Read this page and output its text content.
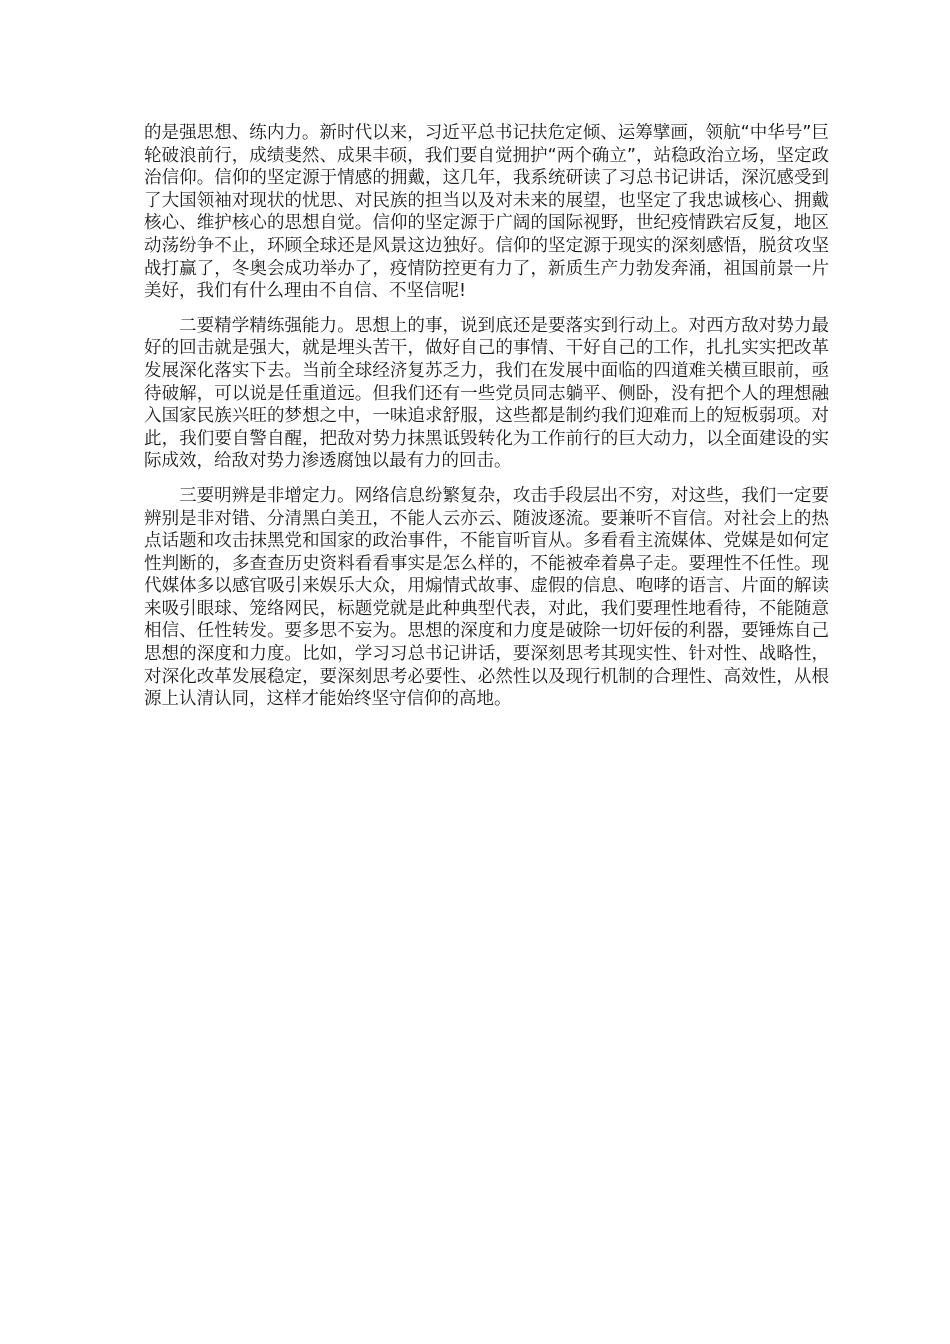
的是强思想、练内力。新时代以来，习近平总书记扶危定倾、运筹擘画，领航“中华号”巨轮破浪前行，成绩斐然、成果丰硕，我们要自觉拥护“两个确立”，站稳政治立场，坚定政治信仰。信仰的坚定源于情感的拥戴，这几年，我系统研读了习总书记讲话，深沉感受到了大国领袖对现状的忧思、对民族的担当以及对未来的展望，也坚定了我忠诚核心、拥戴核心、维护核心的思想自觉。信仰的坚定源于广阔的国际视野，世纪疫情跌宕反复，地区动荡纷争不止，环顾全球还是风景这边独好。信仰的坚定源于现实的深刻感悟，脱贫攻坚战打赢了，冬奥会成功举办了，疫情防控更有力了，新质生产力勃发奔涌，祖国前景一片美好，我们有什么理由不自信、不坚信呢!

二要精学精练强能力。思想上的事，说到底还是要落实到行动上。对西方敌对势力最好的回击就是强大，就是埋头苦干，做好自己的事情、干好自己的工作，扎扎实实把改革发展深化落实下去。当前全球经济复苏乏力，我们在发展中面临的四道难关横亘眼前，亟待破解，可以说是任重道远。但我们还有一些党员同志躺平、侧卧，没有把个人的理想融入国家民族兴旺的梦想之中，一味追求舒服，这些都是制约我们迎难而上的短板弱项。对此，我们要自警自醒，把敌对势力抹黑诋毁转化为工作前行的巨大动力，以全面建设的实际成效，给敌对势力渗透腐蚀以最有力的回击。

三要明辨是非增定力。网络信息纷繁复杂，攻击手段层出不穷，对这些，我们一定要辨别是非对错、分清黑白美丑，不能人云亦云、随波逐流。要兼听不盲信。对社会上的热点话题和攻击抹黑党和国家的政治事件，不能盲听盲从。多看看主流媒体、党媒是如何定性判断的，多查查历史资料看看事实是怎么样的，不能被牵着鼻子走。要理性不任性。现代媒体多以感官吸引来娱乐大众，用煽情式故事、虚假的信息、咆哮的语言、片面的解读来吸引眼球、笼络网民，标题党就是此种典型代表，对此，我们要理性地看待，不能随意相信、任性转发。要多思不妄为。思想的深度和力度是破除一切奸佞的利器，要锤炼自己思想的深度和力度。比如，学习习总书记讲话，要深刻思考其现实性、针对性、战略性，对深化改革发展稳定，要深刻思考必要性、必然性以及现行机制的合理性、高效性，从根源上认清认同，这样才能始终坚守信仰的高地。
